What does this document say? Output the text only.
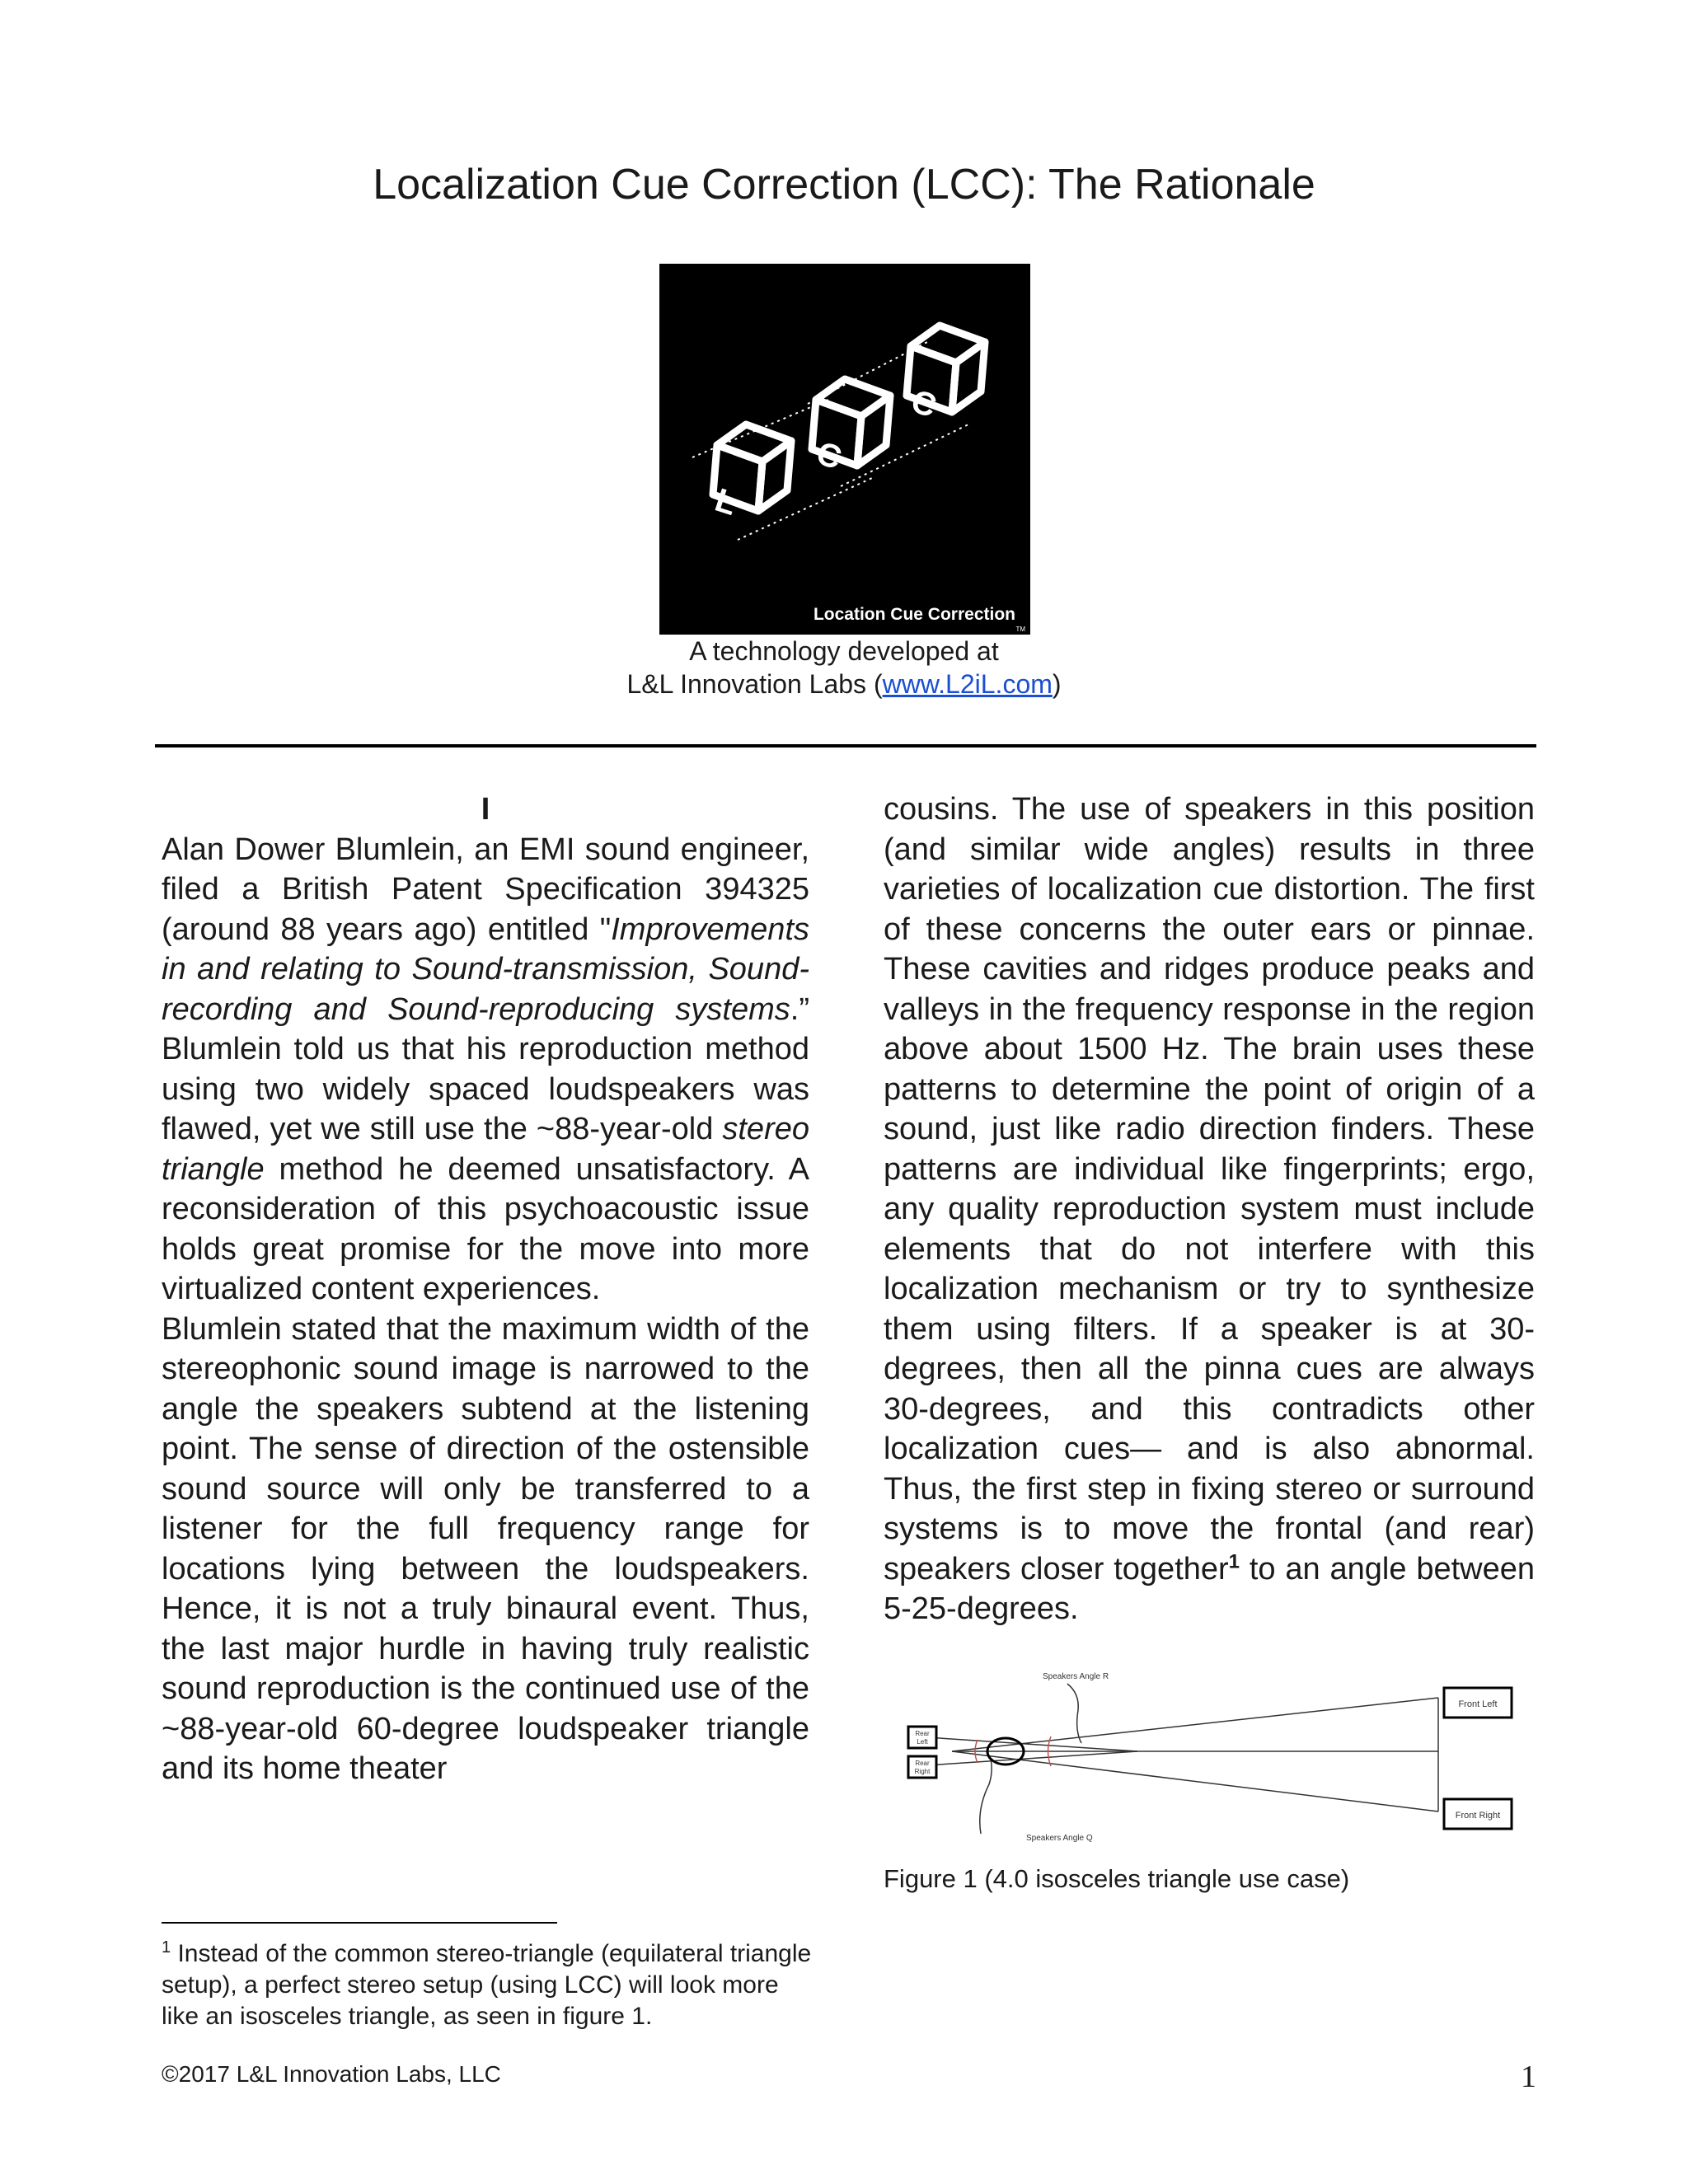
Localization Cue Correction (LCC): The Rationale
L
C
C
Location Cue Correction
TM
A technology developed at
L&L Innovation Labs (www.L2iL.com)

I

Alan Dower Blumlein, an EMI sound engineer, filed a British Patent Specification 394325 (around 88 years ago) entitled "Improvements in and relating to Sound-transmission, Sound-recording and Sound-reproducing systems.” Blumlein told us that his reproduction method using two widely spaced loudspeakers was flawed, yet we still use the ~88-year-old stereo triangle method he deemed unsatisfactory. A reconsideration of this psychoacoustic issue holds great promise for the move into more virtualized content experiences.

Blumlein stated that the maximum width of the stereophonic sound image is narrowed to the angle the speakers subtend at the listening point. The sense of direction of the ostensible sound source will only be transferred to a listener for the full frequency range for locations lying between the loudspeakers. Hence, it is not a truly binaural event. Thus, the last major hurdle in having truly realistic sound reproduction is the continued use of the ~88-year-old 60-degree loudspeaker triangle and its home theater

cousins. The use of speakers in this position (and similar wide angles) results in three varieties of localization cue distortion. The first of these concerns the outer ears or pinnae. These cavities and ridges produce peaks and valleys in the frequency response in the region above about 1500 Hz. The brain uses these patterns to determine the point of origin of a sound, just like radio direction finders. These patterns are individual like fingerprints; ergo, any quality reproduction system must include elements that do not interfere with this localization mechanism or try to synthesize them using filters. If a speaker is at 30-degrees, then all the pinna cues are always 30-degrees, and this contradicts other localization cues— and is also abnormal. Thus, the first step in fixing stereo or surround systems is to move the frontal (and rear) speakers closer together$^1$ to an angle between 5-25-degrees.

Front Left
Front Right
Rear
Left
Rear
Right
Speakers Angle R
Speakers Angle Q
Figure 1 (4.0 isosceles triangle use case)
$^1$ Instead of the common stereo-triangle (equilateral triangle setup), a perfect stereo setup (using LCC) will look more like an isosceles triangle, as seen in figure 1.
©2017 L&L Innovation Labs, LLC	1
